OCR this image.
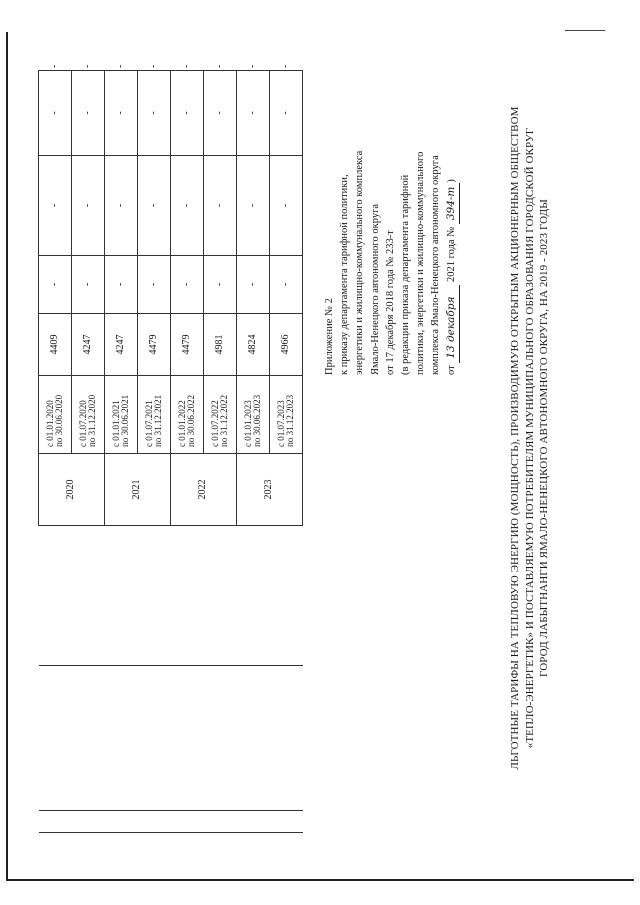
			2020	с 01.01.2020 по 30.06.2020	4409	-	-	-	-

				с 01.07.2020 по 31.12.2020	4247	-	-	-	-
			2021	с 01.01.2021 по 30.06.2021	4247	-	-	-	-

				с 01.07.2021 по 31.12.2021	4479	-	-	-	-
			2022	с 01.01.2022 по 30.06.2022	4479	-	-	-	-

				с 01.07.2022 по 31.12.2022	4981	-	-	-	-
			2023	с 01.01.2023 по 30.06.2023	4824	-	-	-	-

				с 01.07.2023 по 31.12.2023	4966	-	-	-	-

Приложение № 2 к приказу департамента тарифной политики, энергетики и жилищно-коммунального комплекса Ямало-Ненецкого автономного округа от 17 декабря 2018 года № 233-т (в редакции приказа департамента тарифной политики, энергетики и жилищно-коммунального комплекса Ямало-Ненецкого автономного округа от 13 декабря 2021 года № 394-т)	ЛЬГОТНЫЕ ТАРИФЫ НА ТЕПЛОВУЮ ЭНЕРГИЮ (МОЩНОСТЬ), ПРОИЗВОДИМУЮ ОТКРЫТЫМ АКЦИОНЕРНЫМ ОБЩЕСТВОМ «ТЕПЛО-ЭНЕРГЕТИК» И ПОСТАВЛЯЕМУЮ ПОТРЕБИТЕЛЯМ МУНИЦИПАЛЬНОГО ОБРАЗОВАНИЯ ГОРОДСКОЙ ОКРУГ ГОРОД ЛАБЫТНАНГИ ЯМАЛО-НЕНЕЦКОГО АВТОНОМНОГО ОКРУГА, НА 2019 - 2023 ГОДЫ
